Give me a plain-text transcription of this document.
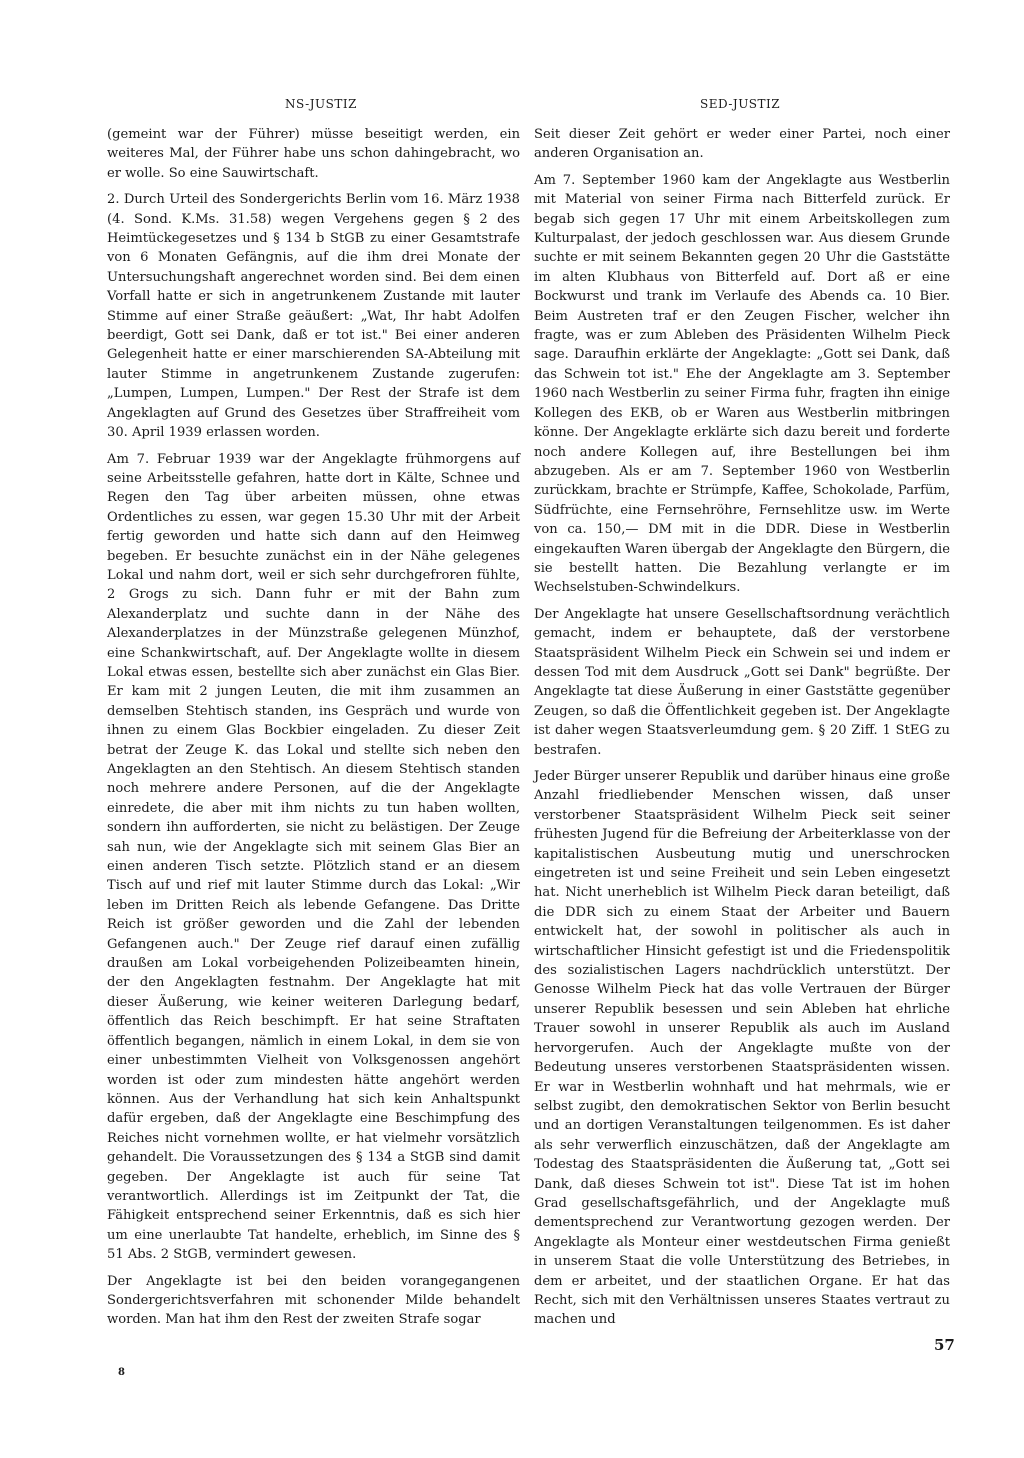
NS-JUSTIZ	SED-JUSTIZ

(gemeint war der Führer) müsse beseitigt werden, ein weiteres Mal, der Führer habe uns schon dahingebracht, wo er wolle. So eine Sauwirtschaft.

2. Durch Urteil des Sondergerichts Berlin vom 16. März 1938 (4. Sond. K.Ms. 31.58) wegen Vergehens gegen § 2 des Heimtückegesetzes und § 134 b StGB zu einer Gesamtstrafe von 6 Monaten Gefängnis, auf die ihm drei Monate der Untersuchungshaft angerechnet worden sind. Bei dem einen Vorfall hatte er sich in angetrunkenem Zustande mit lauter Stimme auf einer Straße geäußert: „Wat, Ihr habt Adolfen beerdigt, Gott sei Dank, daß er tot ist." Bei einer anderen Gelegenheit hatte er einer marschierenden SA-Abteilung mit lauter Stimme in angetrunkenem Zustande zugerufen: „Lumpen, Lumpen, Lumpen." Der Rest der Strafe ist dem Angeklagten auf Grund des Gesetzes über Straffreiheit vom 30. April 1939 erlassen worden.

Am 7. Februar 1939 war der Angeklagte frühmorgens auf seine Arbeitsstelle gefahren, hatte dort in Kälte, Schnee und Regen den Tag über arbeiten müssen, ohne etwas Ordentliches zu essen, war gegen 15.30 Uhr mit der Arbeit fertig geworden und hatte sich dann auf den Heimweg begeben. Er besuchte zunächst ein in der Nähe gelegenes Lokal und nahm dort, weil er sich sehr durchgefroren fühlte, 2 Grogs zu sich. Dann fuhr er mit der Bahn zum Alexanderplatz und suchte dann in der Nähe des Alexanderplatzes in der Münzstraße gelegenen Münzhof, eine Schankwirtschaft, auf. Der Angeklagte wollte in diesem Lokal etwas essen, bestellte sich aber zunächst ein Glas Bier. Er kam mit 2 jungen Leuten, die mit ihm zusammen an demselben Stehtisch standen, ins Gespräch und wurde von ihnen zu einem Glas Bockbier eingeladen. Zu dieser Zeit betrat der Zeuge K. das Lokal und stellte sich neben den Angeklagten an den Stehtisch. An diesem Stehtisch standen noch mehrere andere Personen, auf die der Angeklagte einredete, die aber mit ihm nichts zu tun haben wollten, sondern ihn aufforderten, sie nicht zu belästigen. Der Zeuge sah nun, wie der Angeklagte sich mit seinem Glas Bier an einen anderen Tisch setzte. Plötzlich stand er an diesem Tisch auf und rief mit lauter Stimme durch das Lokal: „Wir leben im Dritten Reich als lebende Gefangene. Das Dritte Reich ist größer geworden und die Zahl der lebenden Gefangenen auch." Der Zeuge rief darauf einen zufällig draußen am Lokal vorbeigehenden Polizeibeamten hinein, der den Angeklagten festnahm. Der Angeklagte hat mit dieser Äußerung, wie keiner weiteren Darlegung bedarf, öffentlich das Reich beschimpft. Er hat seine Straftaten öffentlich begangen, nämlich in einem Lokal, in dem sie von einer unbestimmten Vielheit von Volksgenossen angehört worden ist oder zum mindesten hätte angehört werden können. Aus der Verhandlung hat sich kein Anhaltspunkt dafür ergeben, daß der Angeklagte eine Beschimpfung des Reiches nicht vornehmen wollte, er hat vielmehr vorsätzlich gehandelt. Die Voraussetzungen des § 134 a StGB sind damit gegeben. Der Angeklagte ist auch für seine Tat verantwortlich. Allerdings ist im Zeitpunkt der Tat, die Fähigkeit entsprechend seiner Erkenntnis, daß es sich hier um eine unerlaubte Tat handelte, erheblich, im Sinne des § 51 Abs. 2 StGB, vermindert gewesen.

Der Angeklagte ist bei den beiden vorangegangenen Sondergerichtsverfahren mit schonender Milde behandelt worden. Man hat ihm den Rest der zweiten Strafe sogar

Seit dieser Zeit gehört er weder einer Partei, noch einer anderen Organisation an.

Am 7. September 1960 kam der Angeklagte aus Westberlin mit Material von seiner Firma nach Bitterfeld zurück. Er begab sich gegen 17 Uhr mit einem Arbeitskollegen zum Kulturpalast, der jedoch geschlossen war. Aus diesem Grunde suchte er mit seinem Bekannten gegen 20 Uhr die Gaststätte im alten Klubhaus von Bitterfeld auf. Dort aß er eine Bockwurst und trank im Verlaufe des Abends ca. 10 Bier. Beim Austreten traf er den Zeugen Fischer, welcher ihn fragte, was er zum Ableben des Präsidenten Wilhelm Pieck sage. Daraufhin erklärte der Angeklagte: „Gott sei Dank, daß das Schwein tot ist." Ehe der Angeklagte am 3. September 1960 nach Westberlin zu seiner Firma fuhr, fragten ihn einige Kollegen des EKB, ob er Waren aus Westberlin mitbringen könne. Der Angeklagte erklärte sich dazu bereit und forderte noch andere Kollegen auf, ihre Bestellungen bei ihm abzugeben. Als er am 7. September 1960 von Westberlin zurückkam, brachte er Strümpfe, Kaffee, Schokolade, Parfüm, Südfrüchte, eine Fernsehröhre, Fernsehlitze usw. im Werte von ca. 150,— DM mit in die DDR. Diese in Westberlin eingekauften Waren übergab der Angeklagte den Bürgern, die sie bestellt hatten. Die Bezahlung verlangte er im Wechselstuben-Schwindelkurs.

Der Angeklagte hat unsere Gesellschaftsordnung verächtlich gemacht, indem er behauptete, daß der verstorbene Staatspräsident Wilhelm Pieck ein Schwein sei und indem er dessen Tod mit dem Ausdruck „Gott sei Dank" begrüßte. Der Angeklagte tat diese Äußerung in einer Gaststätte gegenüber Zeugen, so daß die Öffentlichkeit gegeben ist. Der Angeklagte ist daher wegen Staatsverleumdung gem. § 20 Ziff. 1 StEG zu bestrafen.

Jeder Bürger unserer Republik und darüber hinaus eine große Anzahl friedliebender Menschen wissen, daß unser verstorbener Staatspräsident Wilhelm Pieck seit seiner frühesten Jugend für die Befreiung der Arbeiterklasse von der kapitalistischen Ausbeutung mutig und unerschrocken eingetreten ist und seine Freiheit und sein Leben eingesetzt hat. Nicht unerheblich ist Wilhelm Pieck daran beteiligt, daß die DDR sich zu einem Staat der Arbeiter und Bauern entwickelt hat, der sowohl in politischer als auch in wirtschaftlicher Hinsicht gefestigt ist und die Friedenspolitik des sozialistischen Lagers nachdrücklich unterstützt. Der Genosse Wilhelm Pieck hat das volle Vertrauen der Bürger unserer Republik besessen und sein Ableben hat ehrliche Trauer sowohl in unserer Republik als auch im Ausland hervorgerufen. Auch der Angeklagte mußte von der Bedeutung unseres verstorbenen Staatspräsidenten wissen. Er war in Westberlin wohnhaft und hat mehrmals, wie er selbst zugibt, den demokratischen Sektor von Berlin besucht und an dortigen Veranstaltungen teilgenommen. Es ist daher als sehr verwerflich einzuschätzen, daß der Angeklagte am Todestag des Staatspräsidenten die Äußerung tat, „Gott sei Dank, daß dieses Schwein tot ist". Diese Tat ist im hohen Grad gesellschaftsgefährlich, und der Angeklagte muß dementsprechend zur Verantwortung gezogen werden. Der Angeklagte als Monteur einer westdeutschen Firma genießt in unserem Staat die volle Unterstützung des Betriebes, in dem er arbeitet, und der staatlichen Organe. Er hat das Recht, sich mit den Verhältnissen unseres Staates vertraut zu machen und

57
8
